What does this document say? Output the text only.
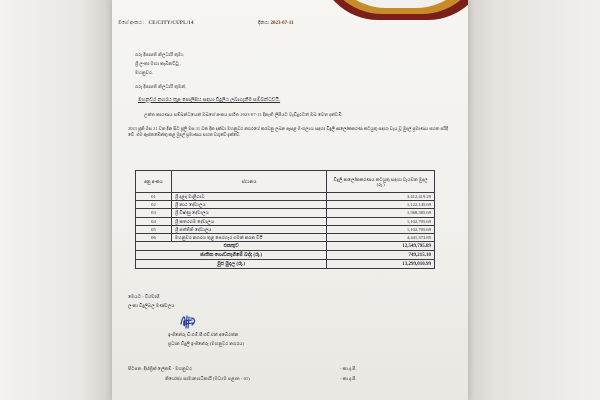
මගේ අංකය : CE/CITY/CUPL/14	දිනය: 2023-07-11
ගරු දිසාපති නිලධාරී තුමා,
ශ්‍රී ලංකා මහා කැබිනට්ටු ,
මහනුවර.
ගරු දිසාපති නිලධාරී තුමන්,
මහනුවර නගරය තුළ පොලිසිය සඳහා විදුලිය ලබාගැනීම සම්බන්ධවයි.
උක්ත කාරණය සම්බන්ධයෙන් ඔබගේ අංකය සහිත 2023-07-11 දිනැති ලිපියට වැඩිදුරටත් ඔබ වෙත දන්වමි.
2023 ජූනි මස 21 වන දින සිට ජූලි මස 31 වන දින දක්වා මහනුවර නගරයේ කරවනු ලබන ඇසළ මංගල්‍යය සඳහා විදුලි ආලෝකකරණ කටයුතු සඳහා වැය වූ මුදල් ප්‍රමාණය පහත පරිදි වේ. එම ඇස්තමේන්තු කළ මුදල් ප්‍රමාණය පහත වගුවේ දැක්වේ.
අනු අංකය	ස්ථානය	විදුලි ආලෝකකරණය කටයුතු සඳහා වැයවන මුදල (රු.)
01	ශ්‍රී දළදා මාළිගාව	3,412,419.29
02	ශ්‍රී නාථ දේවාලය	1,122,145.69
03	ශ්‍රී විෂ්ණු දේවාලය	1,368,385.69
04	ශ්‍රී කතරගම දේවාලය	1,102,705.69
05	ශ්‍රී පත්තිනි දේවාලය	1,102,705.69
06	මහනුවර නගරය තුළ පෙරහැර ගමන් කරන වීථි	4,441,373.85
එකතුව		12,549,795.89
ජාතික ගොඩනැගීමේ බද්ද (රු.)		749,215.10
මුළු මුදල (රු.)		13,299,010.99
මෙයට - විශ්වාසී
ලංකා විදුලිබල මණ්ඩලය
ඉංජිනේරු ඩී.එම්.පී.එච්.එන් අබේරත්න
ප්‍රධාන විදුලි ඉංජිනේරු (මහනුවර නගරය)
පිටපත: දිස්ත්‍රික් ලේකම් - මහනුවර	- කා.දැ.පි.
නියෝජ්‍ය සාමාන්‍යාධිකාරී (මධ්‍යම පළාත - 01)	- කා.දැ.පි.
